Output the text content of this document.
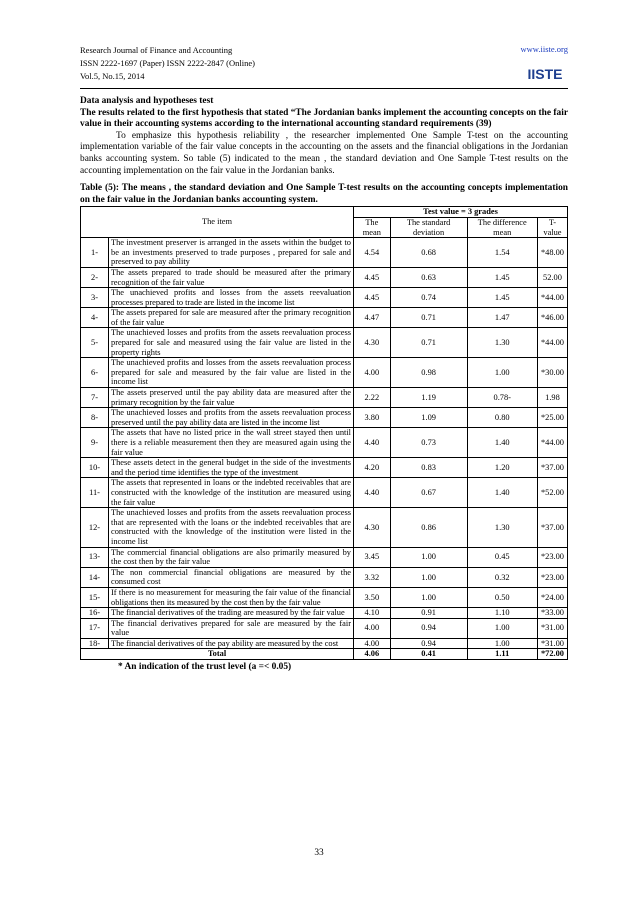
Research Journal of Finance and Accounting
ISSN 2222-1697 (Paper) ISSN 2222-2847 (Online)
Vol.5, No.15, 2014
www.iiste.org
IISTE
Data analysis and hypotheses test
The results related to the first hypothesis that stated “The Jordanian banks implement the accounting concepts on the fair value in their accounting systems according to the international accounting standard requirements (39)
To emphasize this hypothesis reliability , the researcher implemented One Sample T-test on the accounting implementation variable of the fair value concepts in the accounting on the assets and the financial obligations in the Jordanian banks accounting system. So table (5) indicated to the mean , the standard deviation and One Sample T-test results on the accounting implementation on the fair value in the Jordanian banks.
Table (5): The means , the standard deviation and One Sample T-test results on the accounting concepts implementation on the fair value in the Jordanian banks accounting system.
The item		Test value = 3 grades			
		The mean	The standard deviation	The difference mean	T-value
1-	The investment preserver is arranged in the assets within the budget to be an investments preserved to trade purposes , prepared for sale and preserved to pay ability	4.54	0.68	1.54	*48.00
2-	The assets prepared to trade should be measured after the primary recognition of the fair value	4.45	0.63	1.45	52.00
3-	The unachieved profits and losses from the assets reevaluation processes prepared to trade are listed in the income list	4.45	0.74	1.45	*44.00
4-	The assets prepared for sale are measured after the primary recognition of the fair value	4.47	0.71	1.47	*46.00
5-	The unachieved losses and profits from the assets reevaluation process prepared for sale and measured using the fair value are listed in the property rights	4.30	0.71	1.30	*44.00
6-	The unachieved profits and losses from the assets reevaluation process prepared for sale and measured by the fair value are listed in the income list	4.00	0.98	1.00	*30.00
7-	The assets preserved until the pay ability data are measured after the primary recognition by the fair value	2.22	1.19	0.78-	1.98
8-	The unachieved losses and profits from the assets reevaluation process preserved until the pay ability data are listed in the income list	3.80	1.09	0.80	*25.00
9-	The assets that have no listed price in the wall street stayed then until there is a reliable measurement then they are measured again using the fair value	4.40	0.73	1.40	*44.00
10-	These assets detect in the general budget in the side of the investments and the period time identifies the type of the investment	4.20	0.83	1.20	*37.00
11-	The assets that represented in loans or the indebted receivables that are constructed with the knowledge of the institution are measured using the fair value	4.40	0.67	1.40	*52.00
12-	The unachieved losses and profits from the assets reevaluation process that are represented with the loans or the indebted receivables that are constructed with the knowledge of the institution were listed in the income list	4.30	0.86	1.30	*37.00
13-	The commercial financial obligations are also primarily measured by the cost then by the fair value	3.45	1.00	0.45	*23.00
14-	The non commercial financial obligations are measured by the consumed cost	3.32	1.00	0.32	*23.00
15-	If there is no measurement for measuring the fair value of the financial obligations then its measured by the cost then by the fair value	3.50	1.00	0.50	*24.00
16-	The financial derivatives of the trading are measured by the fair value	4.10	0.91	1.10	*33.00
17-	The financial derivatives prepared for sale are measured by the fair value	4.00	0.94	1.00	*31.00
18-	The financial derivatives of the pay ability are measured by the cost	4.00	0.94	1.00	*31.00
Total		4.06	0.41	1.11	*72.00
* An indication of the trust level (a =< 0.05)
33
